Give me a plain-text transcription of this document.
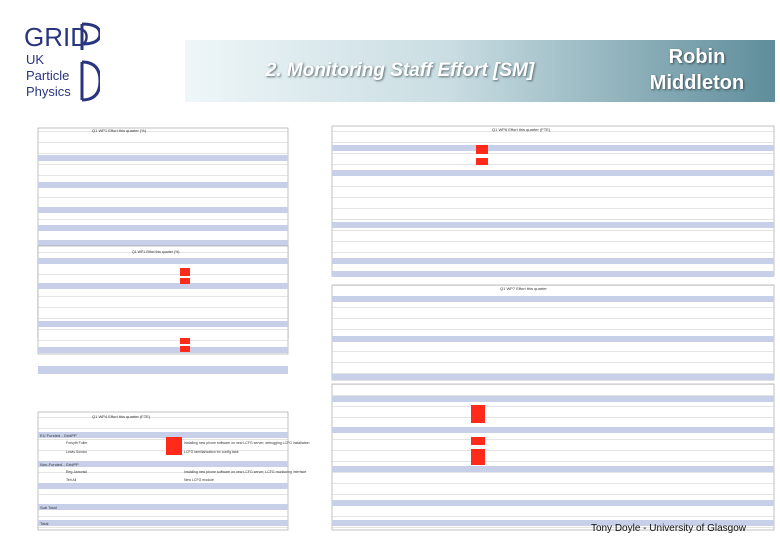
GRID
UK
Particle
Physics
2. Monitoring Staff Effort [SM]
Robin
Middleton
Q1 WP1 Effort this quarter (%)	Q1 WP6 Effort this quarter (FTE)
Q1 WP7 Effort this quarter
Q1 WP4 Effort this quarter (FTE)
Q1 WP1 Effort this quarter (%)
EU Funded - GridPP
Non-Funded - GridPP
Sub Total
Total
Forsyth Fuller
Lewis Soroko
Reg Jaworski
Teri Ali
Installing new phone software on new LCFG server; debugging LCFG installation
LCFG familiarisation for config task
Installing new phone software on new LCFG server; LCFG monitoring interface
New LCFG module
Tony Doyle - University of Glasgow
